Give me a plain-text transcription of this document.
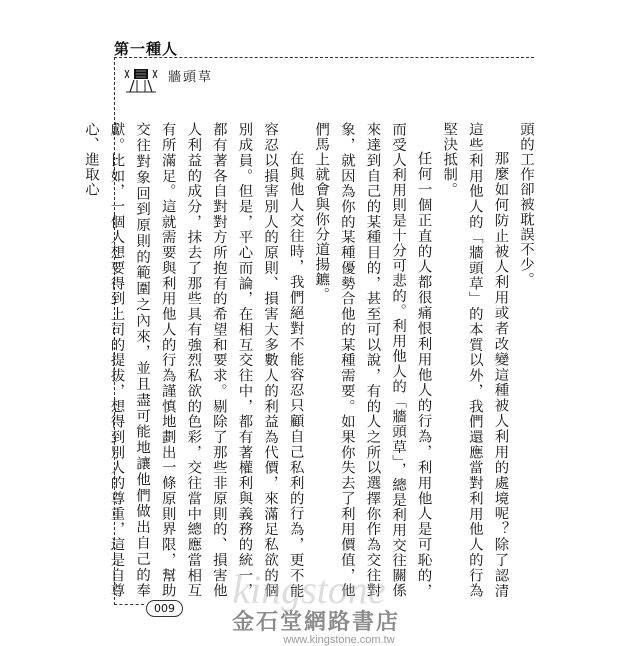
第一種人
牆頭草

頭的工作卻被耽誤不少。

那麼如何防止被人利用或者改變這種被人利用的處境呢？除了認清這些利用他人的「牆頭草」的本質以外，我們還應當對利用他人的行為堅決抵制。

任何一個正直的人都很痛恨利用他人的行為，利用他人是可恥的，而受人利用則是十分可悲的。利用他人的「牆頭草」，總是利用交往關係來達到自己的某種目的，甚至可以說，有的人之所以選擇你作為交往對象，就因為你的某種優勢合他的某種需要。如果你失去了利用價值，他們馬上就會與你分道揚鑣。

在與他人交往時，我們絕對不能容忍只顧自己私利的行為，更不能容忍以損害別人的原則、損害大多數人的利益為代價，來滿足私欲的個別成員。但是，平心而論，在相互交往中，都有著權利與義務的統一，都有著各自對對方所抱有的希望和要求。剔除了那些非原則的、損害他人利益的成分，抹去了那些具有強烈私欲的色彩，交往當中總應當相互有所滿足。這就需要與利用他人的行為謹慎地劃出一條原則界限，幫助交往對象回到原則的範圍之內來，並且盡可能地讓他們做出自己的奉獻。比如，一個人想要得到上司的提拔，想得到別人的尊重，這是自尊心、進取心

009	kingstone
金石堂網路書店
www.kingstone.com.tw
